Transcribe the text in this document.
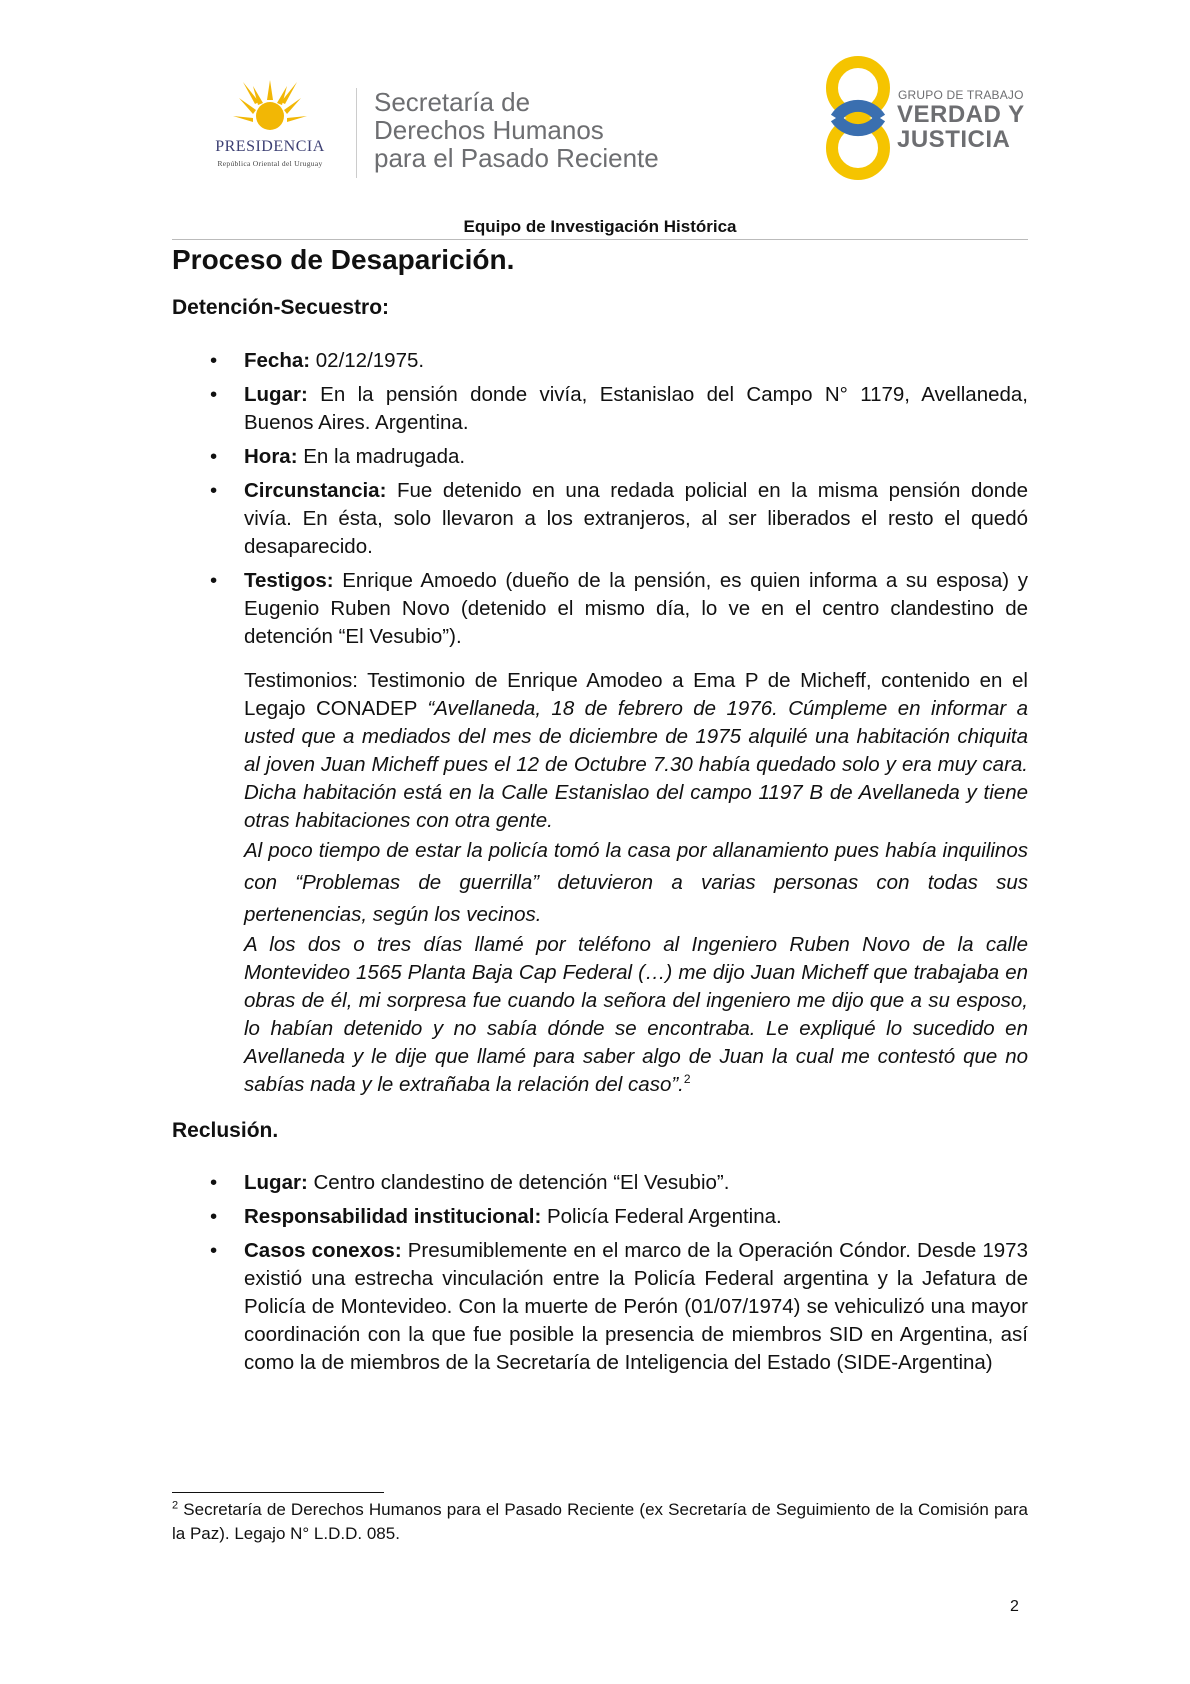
PRESIDENCIA
República Oriental del Uruguay
Secretaría de
Derechos Humanos
para el Pasado Reciente
GRUPO DE TRABAJO
VERDAD Y
JUSTICIA
Equipo de Investigación Histórica
Proceso de Desaparición.
Detención-Secuestro:
• Fecha: 02/12/1975.
• Lugar: En la pensión donde vivía, Estanislao del Campo N° 1179, Avellaneda, Buenos Aires. Argentina.
• Hora: En la madrugada.
• Circunstancia: Fue detenido en una redada policial en la misma pensión donde vivía. En ésta, solo llevaron a los extranjeros, al ser liberados el resto el quedó desaparecido.
• Testigos: Enrique Amoedo (dueño de la pensión, es quien informa a su esposa) y Eugenio Ruben Novo (detenido el mismo día, lo ve en el centro clandestino de detención “El Vesubio”).

Testimonios: Testimonio de Enrique Amodeo a Ema P de Micheff, contenido en el Legajo CONADEP “Avellaneda, 18 de febrero de 1976. Cúmpleme en informar a usted que a mediados del mes de diciembre de 1975 alquilé una habitación chiquita al joven Juan Micheff pues el 12 de Octubre 7.30 había quedado solo y era muy cara. Dicha habitación está en la Calle Estanislao del campo 1197 B de Avellaneda y tiene otras habitaciones con otra gente.

Al poco tiempo de estar la policía tomó la casa por allanamiento pues había inquilinos con “Problemas de guerrilla” detuvieron a varias personas con todas sus pertenencias, según los vecinos.

A los dos o tres días llamé por teléfono al Ingeniero Ruben Novo de la calle Montevideo 1565 Planta Baja Cap Federal (…) me dijo Juan Micheff que trabajaba en obras de él, mi sorpresa fue cuando la señora del ingeniero me dijo que a su esposo, lo habían detenido y no sabía dónde se encontraba. Le expliqué lo sucedido en Avellaneda y le dije que llamé para saber algo de Juan la cual me contestó que no sabías nada y le extrañaba la relación del caso”.$^2$

Reclusión.
• Lugar: Centro clandestino de detención “El Vesubio”.
• Responsabilidad institucional: Policía Federal Argentina.
• Casos conexos: Presumiblemente en el marco de la Operación Cóndor. Desde 1973 existió una estrecha vinculación entre la Policía Federal argentina y la Jefatura de Policía de Montevideo. Con la muerte de Perón (01/07/1974) se vehiculizó una mayor coordinación con la que fue posible la presencia de miembros SID en Argentina, así como la de miembros de la Secretaría de Inteligencia del Estado (SIDE-Argentina)
$^2$ Secretaría de Derechos Humanos para el Pasado Reciente (ex Secretaría de Seguimiento de la Comisión para la Paz). Legajo N° L.D.D. 085.
2
